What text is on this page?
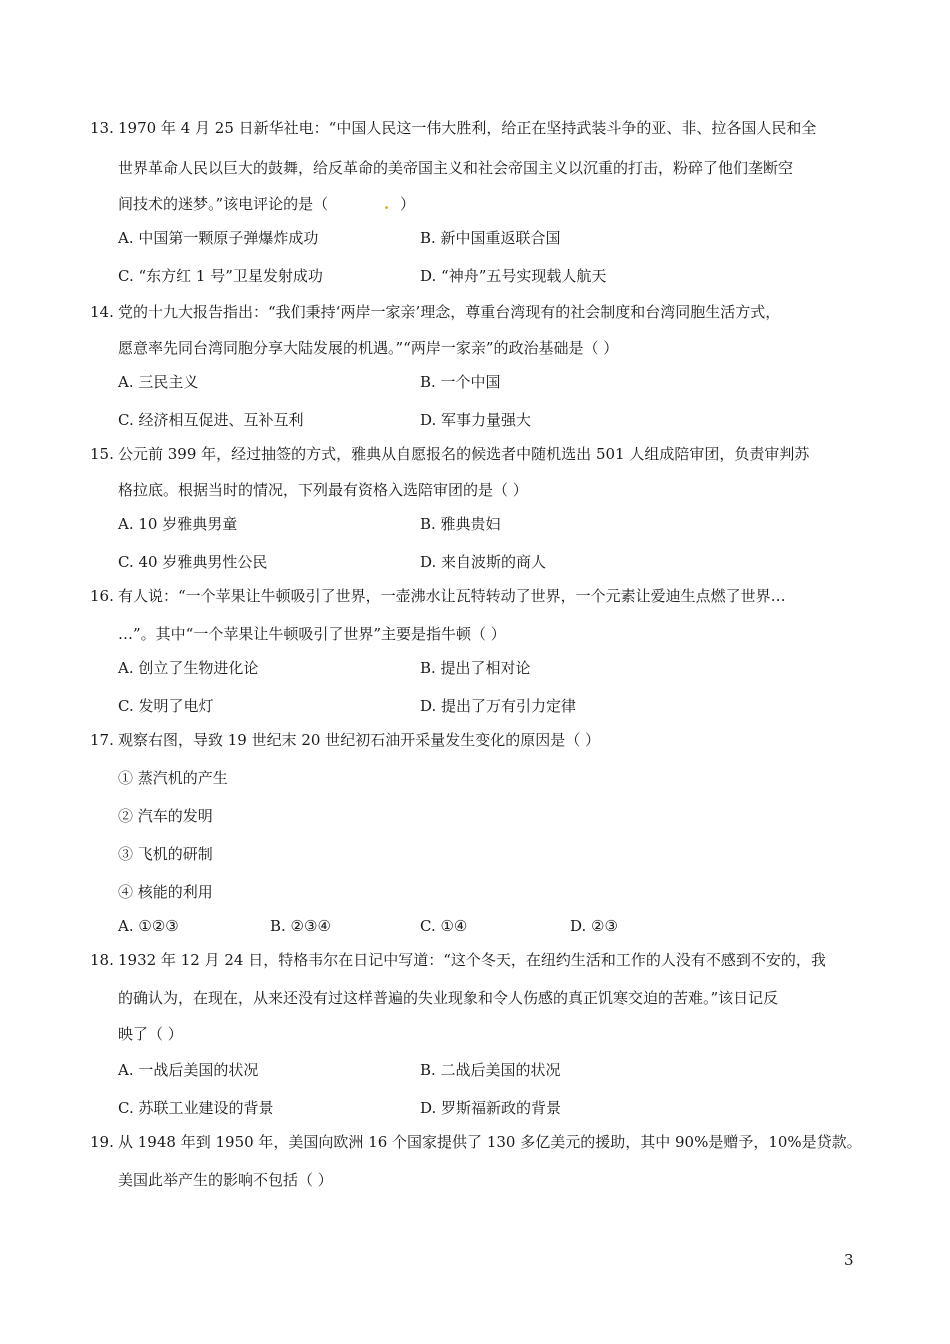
13. 1970 年 4 月 25 日新华社电：“中国人民这一伟大胜利，给正在坚持武装斗争的亚、非、拉各国人民和全
世界革命人民以巨大的鼓舞，给反革命的美帝国主义和社会帝国主义以沉重的打击，粉碎了他们垄断空
间技术的迷梦。”该电评论的是（	. ）
A. 中国第一颗原子弹爆炸成功	B. 新中国重返联合国
C. “东方红 1 号”卫星发射成功	D. “神舟”五号实现载人航天
14. 党的十九大报告指出：“我们秉持‘两岸一家亲’理念，尊重台湾现有的社会制度和台湾同胞生活方式，
愿意率先同台湾同胞分享大陆发展的机遇。”“两岸一家亲”的政治基础是（ ）
A. 三民主义	B. 一个中国
C. 经济相互促进、互补互利	D. 军事力量强大
15. 公元前 399 年，经过抽签的方式，雅典从自愿报名的候选者中随机选出 501 人组成陪审团，负责审判苏
格拉底。根据当时的情况，下列最有资格入选陪审团的是（ ）
A. 10 岁雅典男童	B. 雅典贵妇
C. 40 岁雅典男性公民	D. 来自波斯的商人
16. 有人说：“一个苹果让牛顿吸引了世界，一壶沸水让瓦特转动了世界，一个元素让爱迪生点燃了世界…
…”。其中“一个苹果让牛顿吸引了世界”主要是指牛顿（ ）
A. 创立了生物进化论	B. 提出了相对论
C. 发明了电灯	D. 提出了万有引力定律
17. 观察右图，导致 19 世纪末 20 世纪初石油开采量发生变化的原因是（ ）
① 蒸汽机的产生
② 汽车的发明
③ 飞机的研制
④ 核能的利用
A. ①②③	B. ②③④	C. ①④	D. ②③
18. 1932 年 12 月 24 日，特格韦尔在日记中写道：“这个冬天，在纽约生活和工作的人没有不感到不安的，我
的确认为，在现在，从来还没有过这样普遍的失业现象和令人伤感的真正饥寒交迫的苦难。”该日记反
映了（ ）
A. 一战后美国的状况	B. 二战后美国的状况
C. 苏联工业建设的背景	D. 罗斯福新政的背景
19. 从 1948 年到 1950 年，美国向欧洲 16 个国家提供了 130 多亿美元的援助，其中 90%是赠予，10%是贷款。
美国此举产生的影响不包括（ ）
3
